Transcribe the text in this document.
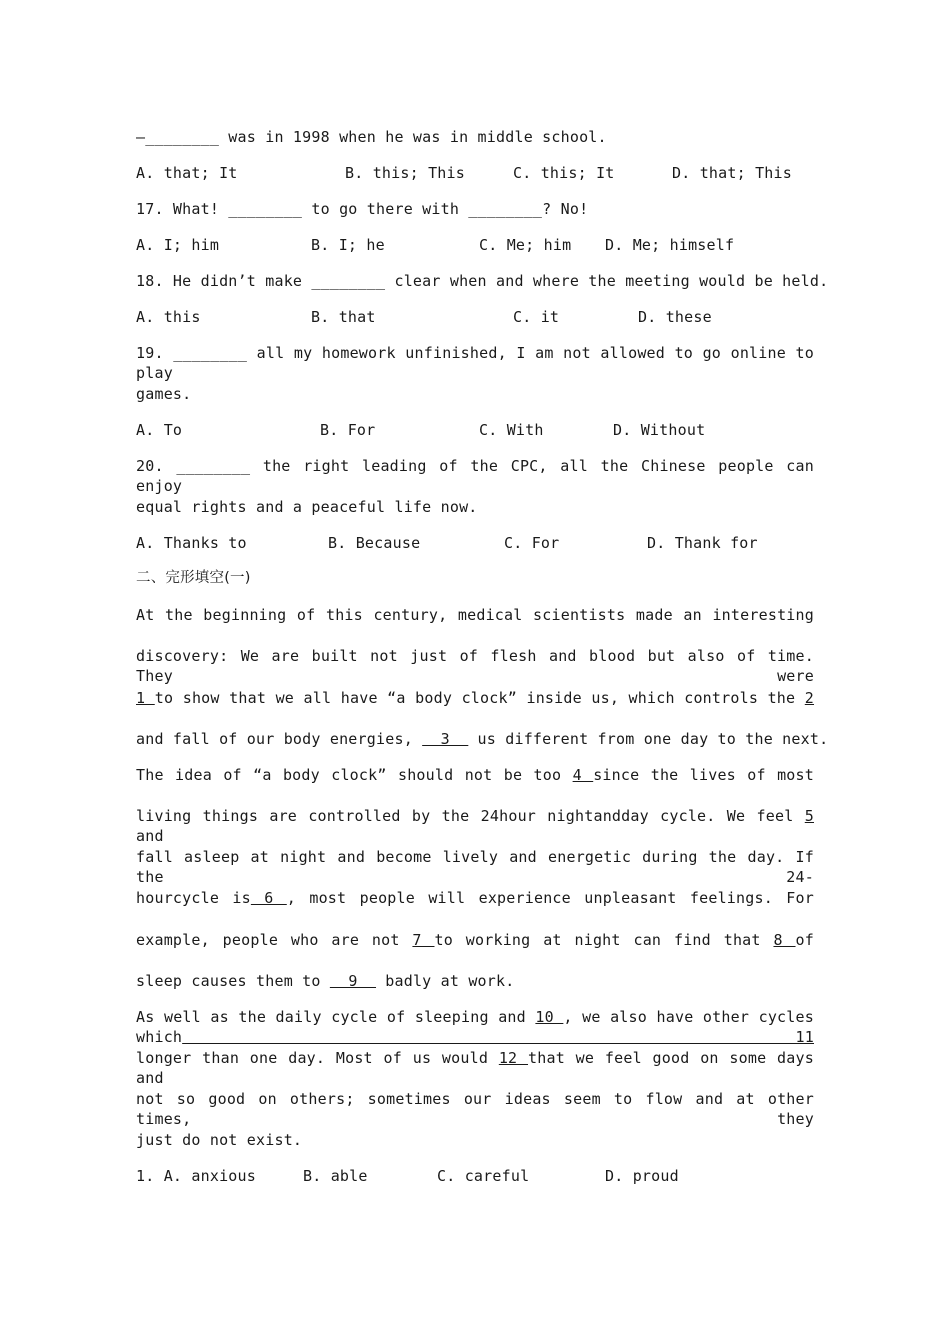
—________ was in 1998 when he was in middle school.
A. that; It	B. this; This	C. this; It	D. that; This
17. What! ________ to go there with ________? No!
A. I; him	B. I; he	C. Me; him D. Me; himself
18. He didn’t make ________ clear when and where the meeting would be held.
A. this	B. that	C. it	D. these
19. ________ all my homework unfinished, I am not allowed to go online to play
games.
A. To	B. For	C. With	D. Without
20. ________ the right leading of the CPC, all the Chinese people can enjoy
equal rights and a peaceful life now.
A. Thanks to	B. Because	C. For	D. Thank for
二、完形填空(一)
At the beginning of this century, medical scientists made an interesting
discovery: We are built not just of flesh and blood but also of time. They were
1 to show that we all have “a body clock” inside us, which controls the 2
and fall of our body energies,   3   us different from one day to the next.
The idea of “a body clock” should not be too 4 since the lives of most
living things are controlled by the 24hour nightandday cycle. We feel 5 and
fall asleep at night and become lively and energetic during the day. If the 24-
hourcycle is 6 , most people will experience unpleasant feelings. For
example, people who are not 7 to working at night can find that 8 of
sleep causes them to   9   badly at work.
As well as the daily cycle of sleeping and 10 , we also have other cycles which 11
longer than one day. Most of us would 12 that we feel good on some days and
not so good on others; sometimes our ideas seem to flow and at other times, they
just do not exist.
1. A. anxious	B. able	C. careful	D. proud
